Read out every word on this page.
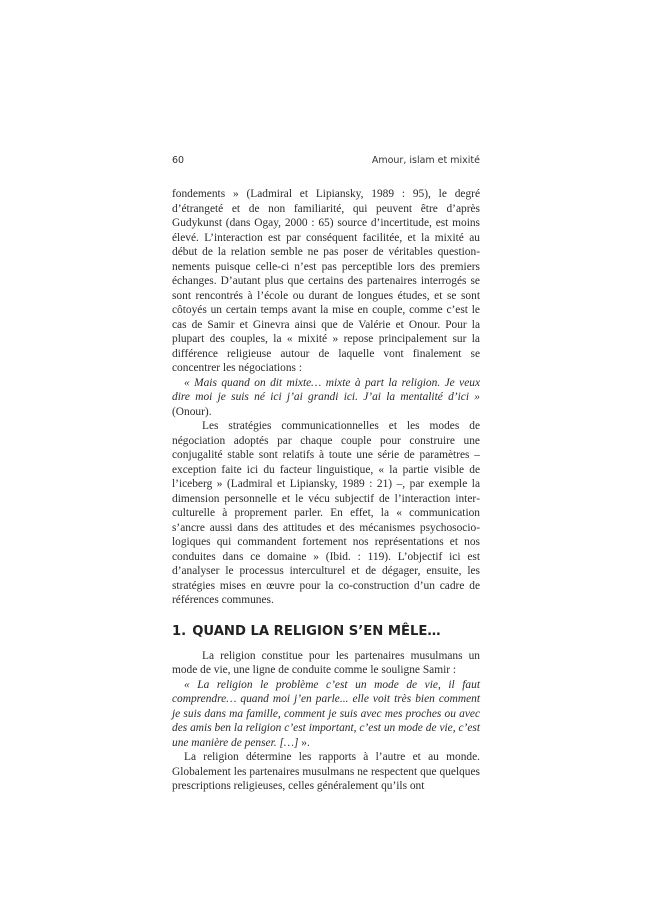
60	Amour, islam et mixité

fondements » (Ladmiral et Lipiansky, 1989 : 95), le degré d’étrangeté et de non familiarité, qui peuvent être d’après Gudykunst (dans Ogay, 2000 : 65) source d’incertitude, est moins élevé. L’interaction est par conséquent facilitée, et la mixité au début de la relation semble ne pas poser de véritables questionnements puisque celle-ci n’est pas perceptible lors des premiers échanges. D’autant plus que certains des partenaires interrogés se sont rencontrés à l’école ou durant de longues études, et se sont côtoyés un certain temps avant la mise en couple, comme c’est le cas de Samir et Ginevra ainsi que de Valérie et Onour. Pour la plupart des couples, la « mixité » repose principalement sur la différence religieuse autour de laquelle vont finalement se concentrer les négociations :

« Mais quand on dit mixte… mixte à part la religion. Je veux dire moi je suis né ici j’ai grandi ici. J’ai la mentalité d’ici » (Onour).

Les stratégies communicationnelles et les modes de négociation adoptés par chaque couple pour construire une conjugalité stable sont relatifs à toute une série de paramètres – exception faite ici du facteur linguistique, « la partie visible de l’iceberg » (Ladmiral et Lipiansky, 1989 : 21) –, par exemple la dimension personnelle et le vécu subjectif de l’interaction interculturelle à proprement parler. En effet, la « communication s’ancre aussi dans des attitudes et des mécanismes psychosociologiques qui commandent fortement nos représentations et nos conduites dans ce domaine » (Ibid. : 119). L’objectif ici est d’analyser le processus interculturel et de dégager, ensuite, les stratégies mises en œuvre pour la co-construction d’un cadre de références communes.

1. QUAND LA RELIGION S’EN MÊLE…

La religion constitue pour les partenaires musulmans un mode de vie, une ligne de conduite comme le souligne Samir :

« La religion le problème c’est un mode de vie, il faut comprendre… quand moi j’en parle... elle voit très bien comment je suis dans ma famille, comment je suis avec mes proches ou avec des amis ben la religion c’est important, c’est un mode de vie, c’est une manière de penser. […] ».

La religion détermine les rapports à l’autre et au monde. Globalement les partenaires musulmans ne respectent que quelques prescriptions religieuses, celles généralement qu’ils ont
